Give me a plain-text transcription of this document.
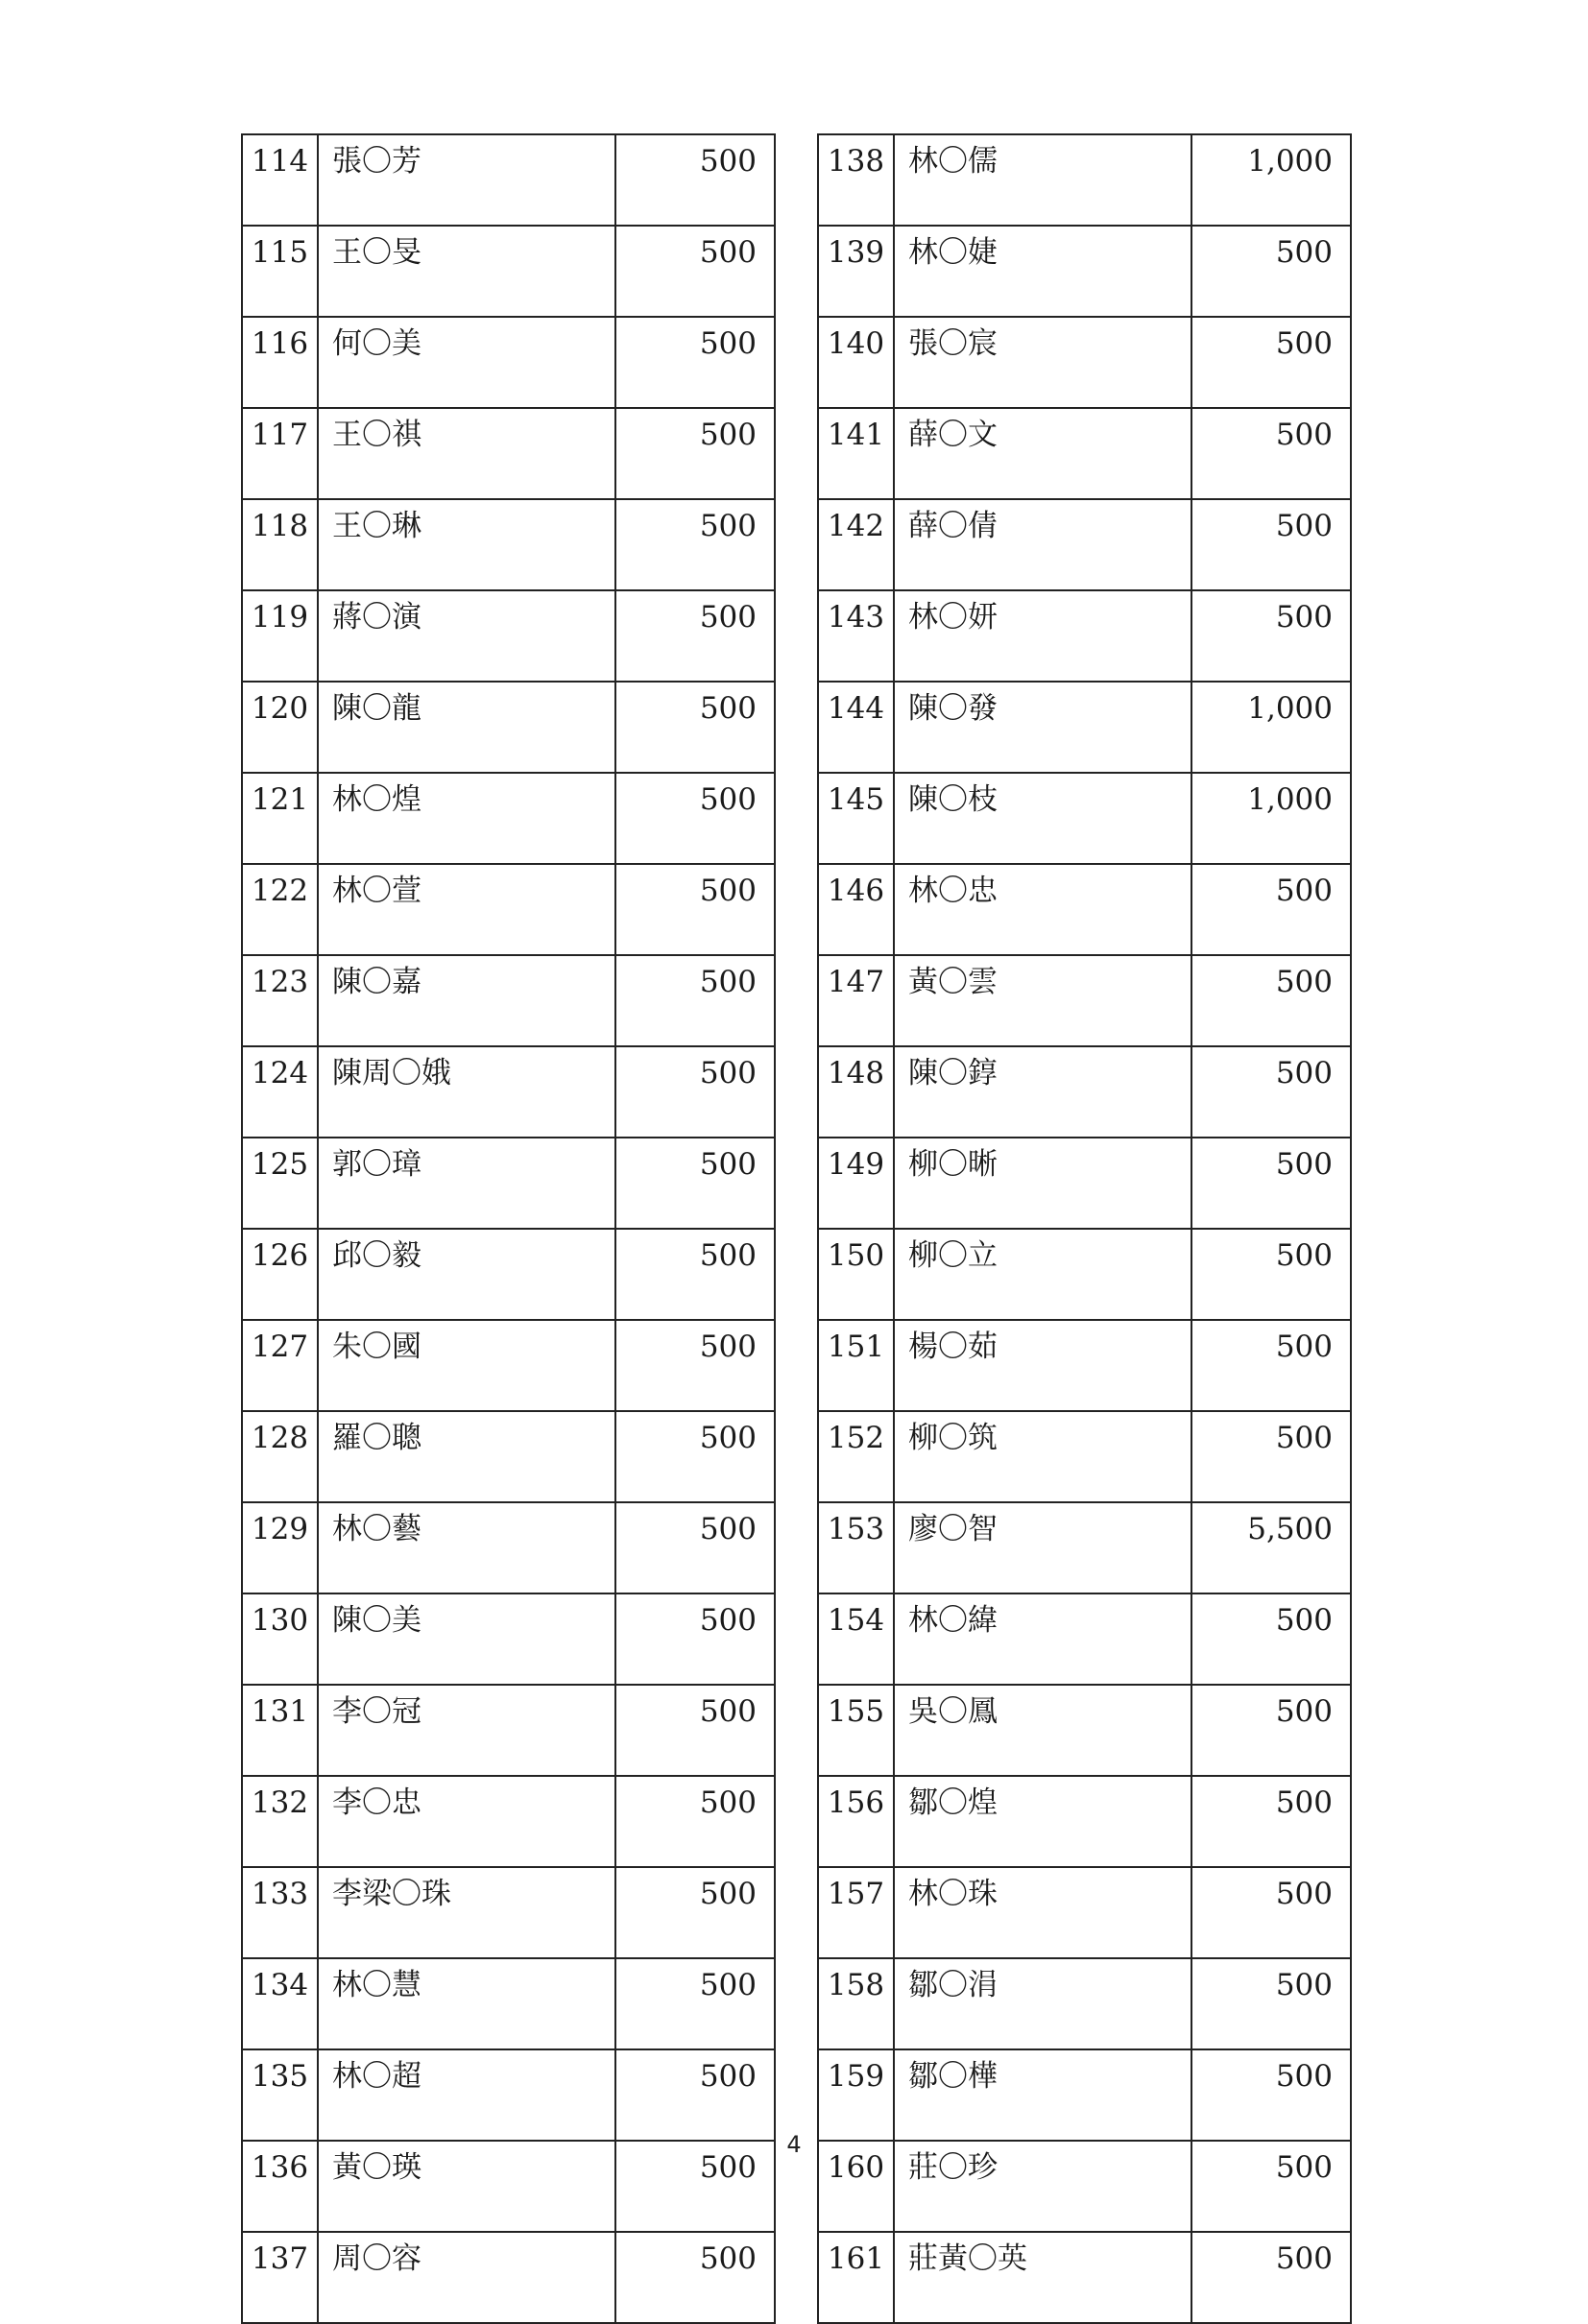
114	張〇芳	500
115	王〇旻	500
116	何〇美	500
117	王〇祺	500
118	王〇琳	500
119	蔣〇演	500
120	陳〇龍	500
121	林〇煌	500
122	林〇萱	500
123	陳〇嘉	500
124	陳周〇娥	500
125	郭〇璋	500
126	邱〇毅	500
127	朱〇國	500
128	羅〇聰	500
129	林〇藝	500
130	陳〇美	500
131	李〇冠	500
132	李〇忠	500
133	李梁〇珠	500
134	林〇慧	500
135	林〇超	500
136	黃〇瑛	500
137	周〇容	500
138	林〇儒	1,000
139	林〇婕	500
140	張〇宸	500
141	薛〇文	500
142	薛〇倩	500
143	林〇妍	500
144	陳〇發	1,000
145	陳〇枝	1,000
146	林〇忠	500
147	黃〇雲	500
148	陳〇錞	500
149	柳〇晰	500
150	柳〇立	500
151	楊〇茹	500
152	柳〇筑	500
153	廖〇智	5,500
154	林〇緯	500
155	吳〇鳳	500
156	鄒〇煌	500
157	林〇珠	500
158	鄒〇涓	500
159	鄒〇樺	500
160	莊〇珍	500
161	莊黃〇英	500
4
